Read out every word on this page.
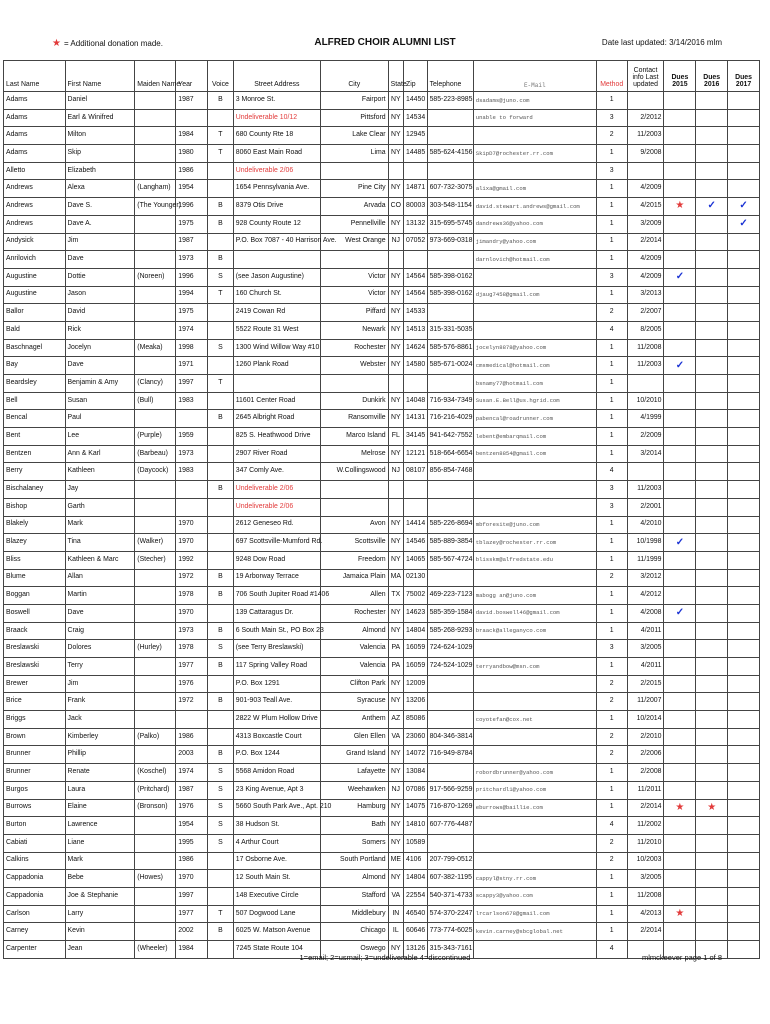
★ = Additional donation made.	ALFRED CHOIR ALUMNI LIST	Date last updated: 3/14/2016 mlm
Last Name	First Name	Maiden Name	Year	Voice	Street Address	City	State	Zip	Telephone	E-Mail	Method	Contact info Last updated	Dues 2015	Dues 2016	Dues 2017
Adams	Daniel		1987	B	3 Monroe St.	Fairport	NY	14450	585-223-8985	dsadams@juno.com	1				
Adams	Earl & Winifred				Undeliverable 10/12	Pittsford	NY	14534		unable to forward	3	2/2012			
Adams	Milton		1984	T	680 County Rte 18	Lake Clear	NY	12945			2	11/2003			
Adams	Skip		1980	T	8060 East Main Road	Lima	NY	14485	585-624-4156	SkipD7@rochester.rr.com	1	9/2008			
Alletto	Elizabeth		1986		Undeliverable 2/06						3				
Andrews	Alexa	(Langham)	1954		1654 Pennsylvania Ave.	Pine City	NY	14871	607-732-3075	alixa@gmail.com	1	4/2009			
Andrews	Dave S.	(The Younger)	1996	B	8379 Otis Drive	Arvada	CO	80003	303-548-1154	david.stewart.andrews@gmail.com	1	4/2015	★	✓	✓
Andrews	Dave A.		1975	B	928 County Route 12	Pennellville	NY	13132	315-695-5745	dandrews36@yahoo.com	1	3/2009			✓
Andysick	Jim		1987		P.O. Box 7087 - 40 Harrison Ave.	West Orange	NJ	07052	973-669-0318	jimandry@yahoo.com	1	2/2014			
Anrilovich	Dave		1973	B						darnlovich@hotmail.com	1	4/2009			
Augustine	Dottie	(Noreen)	1996	S	(see Jason Augustine)	Victor	NY	14564	585-398-0162		3	4/2009	✓		
Augustine	Jason		1994	T	160 Church St.	Victor	NY	14564	585-398-0162	djaug7458@gmail.com	1	3/2013			
Ballor	David		1975		2419 Cowan Rd	Piffard	NY	14533			2	2/2007			
Bald	Rick		1974		5522 Route 31 West	Newark	NY	14513	315-331-5035		4	8/2005			
Baschnagel	Jocelyn	(Meaka)	1998	S	1300 Wind Willow Way #10	Rochester	NY	14624	585-576-8861	jocelyn8878@yahoo.com	1	11/2008			
Bay	Dave		1971		1260 Plank Road	Webster	NY	14580	585-671-0024	cmsmedical@hotmail.com	1	11/2003	✓		
Beardsley	Benjamin & Amy	(Clancy)	1997	T						bsnamy77@hotmail.com	1				
Bell	Susan	(Bull)	1983		11601 Center Road	Dunkirk	NY	14048	716-934-7349	Susan.E.Bell@us.hgrid.com	1	10/2010			
Bencal	Paul			B	2645 Albright Road	Ransomville	NY	14131	716-216-4029	pabencal@roadrunner.com	1	4/1999			
Bent	Lee	(Purple)	1959		825 S. Heathwood Drive	Marco Island	FL	34145	941-642-7552	lebent@embarqmail.com	1	2/2009			
Bentzen	Ann & Karl	(Barbeau)	1973		2907 River Road	Melrose	NY	12121	518-664-6654	bentzen8854@gmail.com	1	3/2014			
Berry	Kathleen	(Daycock)	1983		347 Comly Ave.	W.Collingswood	NJ	08107	856-854-7468		4				
Bischalaney	Jay			B	Undeliverable 2/06						3	11/2003			
Bishop	Garth				Undeliverable 2/06						3	2/2001			
Blakely	Mark		1970		2612 Geneseo Rd.	Avon	NY	14414	585-226-8694	mbforesite@juno.com	1	4/2010			
Blazey	Tina	(Walker)	1970		697 Scottsville-Mumford Rd.	Scottsville	NY	14546	585-889-3854	tblazey@rochester.rr.com	1	10/1998	✓		
Bliss	Kathleen & Marc	(Stecher)	1992		9248 Dow Road	Freedom	NY	14065	585-567-4724	blisskm@alfredstate.edu	1	11/1999			
Blume	Allan		1972	B	19 Arborway Terrace	Jamaica Plain	MA	02130			2	3/2012			
Boggan	Martin		1978	B	706 South Jupiter Road #1406	Allen	TX	75002	469-223-7123	mabogg an@juno.com	1	4/2012			
Boswell	Dave		1970		139 Cattaragus Dr.	Rochester	NY	14623	585-359-1584	david.boswell46@gmail.com	1	4/2008	✓		
Braack	Craig		1973	B	6 South Main St., PO Box 23	Almond	NY	14804	585-268-9293	braack@alleganyco.com	1	4/2011			
Breslawski	Dolores	(Hurley)	1978	S	(see Terry Breslawski)	Valencia	PA	16059	724-624-1029		3	3/2005			
Breslawski	Terry		1977	B	117 Spring Valley Road	Valencia	PA	16059	724-524-1029	terryandbow@msn.com	1	4/2011			
Brewer	Jim		1976		P.O. Box 1291	Clifton Park	NY	12009			2	2/2015			
Brice	Frank		1972	B	901-903 Teall Ave.	Syracuse	NY	13206			2	11/2007			
Briggs	Jack				2822 W Plum Hollow Drive	Anthem	AZ	85086		coyotefan@cox.net	1	10/2014			
Brown	Kimberley	(Palko)	1986		4313 Boxcastle Court	Glen Ellen	VA	23060	804-346-3814		2	2/2010			
Brunner	Phillip		2003	B	P.O. Box 1244	Grand Island	NY	14072	716-949-8784		2	2/2006			
Brunner	Renate	(Koschel)	1974	S	5568 Amidon Road	Lafayette	NY	13084		robordbrunner@yahoo.com	1	2/2008			
Burgos	Laura	(Pritchard)	1987	S	23 King Avenue, Apt 3	Weehawken	NJ	07086	917-566-9259	pritchardl1@yahoo.com	1	11/2011			
Burrows	Elaine	(Bronson)	1976	S	5660 South Park Ave., Apt. 210	Hamburg	NY	14075	716-870-1269	eburrows@baillie.com	1	2/2014	★	★	
Burton	Lawrence		1954	S	38 Hudson St.	Bath	NY	14810	607-776-4487		4	11/2002			
Cabiati	Liane		1995	S	4 Arthur Court	Somers	NY	10589			2	11/2010			
Calkins	Mark		1986		17 Osborne Ave.	South Portland	ME	4106	207-799-0512		2	10/2003			
Cappadonia	Bebe	(Howes)	1970		12 South Main St.	Almond	NY	14804	607-382-1195	cappyl@stny.rr.com	1	3/2005			
Cappadonia	Joe & Stephanie		1997		148 Executive Circle	Stafford	VA	22554	540-371-4733	scappy3@yahoo.com	1	11/2008			
Carlson	Larry		1977	T	507 Dogwood Lane	Middlebury	IN	46540	574-370-2247	lrcarlson678@gmail.com	1	4/2013	★		
Carney	Kevin		2002	B	6025 W. Matson Avenue	Chicago	IL	60646	773-774-6025	kevin.carney@sbcglobal.net	1	2/2014			
Carpenter	Jean	(Wheeler)	1984		7245 State Route 104	Oswego	NY	13126	315-343-7161		4				
1=email; 2=usmail; 3=undeliverable 4=discontinued	mlmckeever page 1 of 8
